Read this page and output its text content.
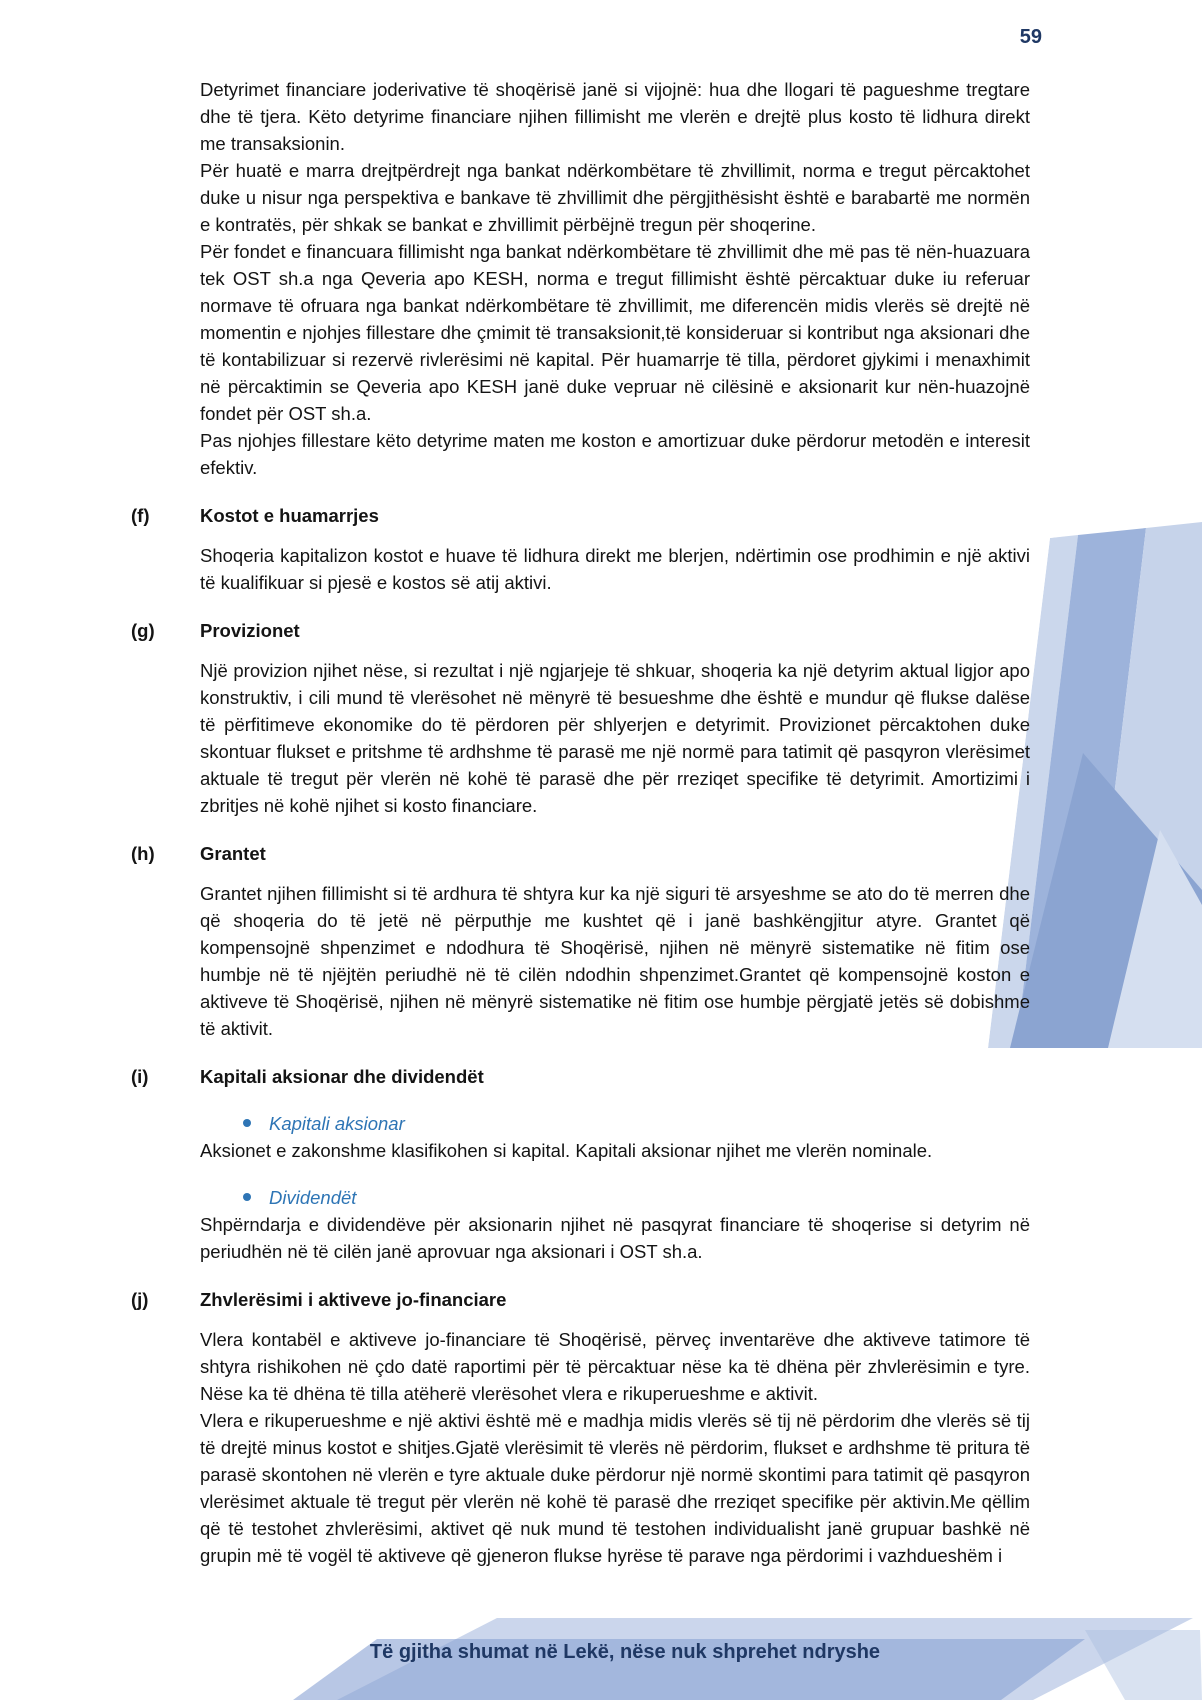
59

Detyrimet financiare joderivative të shoqërisë janë si vijojnë: hua dhe llogari të pagueshme tregtare dhe të tjera. Këto detyrime financiare njihen fillimisht me vlerën e drejtë plus kosto të lidhura direkt me transaksionin.

Për huatë e marra drejtpërdrejt nga bankat ndërkombëtare të zhvillimit, norma e tregut përcaktohet duke u nisur nga perspektiva e bankave të zhvillimit dhe përgjithësisht është e barabartë me normën e kontratës, për shkak se bankat e zhvillimit përbëjnë tregun për shoqerine.

Për fondet e financuara fillimisht nga bankat ndërkombëtare të zhvillimit dhe më pas të nën-huazuara tek OST sh.a nga Qeveria apo KESH, norma e tregut fillimisht është përcaktuar duke iu referuar normave të ofruara nga bankat ndërkombëtare të zhvillimit, me diferencën midis vlerës së drejtë në momentin e njohjes fillestare dhe çmimit të transaksionit,të konsideruar si kontribut nga aksionari dhe të kontabilizuar si rezervë rivlerësimi në kapital. Për huamarrje të tilla, përdoret gjykimi i menaxhimit në përcaktimin se Qeveria apo KESH janë duke vepruar në cilësinë e aksionarit kur nën-huazojnë fondet për OST sh.a.

Pas njohjes fillestare këto detyrime maten me koston e amortizuar duke përdorur metodën e interesit efektiv.

(f)	Kostot e huamarrjes

Shoqeria kapitalizon kostot e huave të lidhura direkt me blerjen, ndërtimin ose prodhimin e një aktivi të kualifikuar si pjesë e kostos së atij aktivi.

(g)	Provizionet

Një provizion njihet nëse, si rezultat i një ngjarjeje të shkuar, shoqeria ka një detyrim aktual ligjor apo konstruktiv, i cili mund të vlerësohet në mënyrë të besueshme dhe është e mundur që flukse dalëse të përfitimeve ekonomike do të përdoren për shlyerjen e detyrimit. Provizionet përcaktohen duke skontuar flukset e pritshme të ardhshme të parasë me një normë para tatimit që pasqyron vlerësimet aktuale të tregut për vlerën në kohë të parasë dhe për rreziqet specifike të detyrimit. Amortizimi i zbritjes në kohë njihet si kosto financiare.

(h)	Grantet

Grantet njihen fillimisht si të ardhura të shtyra kur ka një siguri të arsyeshme se ato do të merren dhe që shoqeria do të jetë në përputhje me kushtet që i janë bashkëngjitur atyre. Grantet që kompensojnë shpenzimet e ndodhura të Shoqërisë, njihen në mënyrë sistematike në fitim ose humbje në të njëjtën periudhë në të cilën ndodhin shpenzimet.Grantet që kompensojnë koston e aktiveve të Shoqërisë, njihen në mënyrë sistematike në fitim ose humbje përgjatë jetës së dobishme të aktivit.

(i)	Kapitali aksionar dhe dividendët
Kapitali aksionar

Aksionet e zakonshme klasifikohen si kapital. Kapitali aksionar njihet me vlerën nominale.

Dividendët

Shpërndarja e dividendëve për aksionarin njihet në pasqyrat financiare të shoqerise si detyrim në periudhën në të cilën janë aprovuar nga aksionari i OST sh.a.

(j)	Zhvlerësimi i aktiveve jo-financiare

Vlera kontabël e aktiveve jo-financiare të Shoqërisë, përveç inventarëve dhe aktiveve tatimore të shtyra rishikohen në çdo datë raportimi për të përcaktuar nëse ka të dhëna për zhvlerësimin e tyre. Nëse ka të dhëna të tilla atëherë vlerësohet vlera e rikuperueshme e aktivit.

Vlera e rikuperueshme e një aktivi është më e madhja midis vlerës së tij në përdorim dhe vlerës së tij të drejtë minus kostot e shitjes.Gjatë vlerësimit të vlerës në përdorim, flukset e ardhshme të pritura të parasë skontohen në vlerën e tyre aktuale duke përdorur një normë skontimi para tatimit që pasqyron vlerësimet aktuale të tregut për vlerën në kohë të parasë dhe rreziqet specifike për aktivin.Me qëllim që të testohet zhvlerësimi, aktivet që nuk mund të testohen individualisht janë grupuar bashkë në grupin më të vogël të aktiveve që gjeneron flukse hyrëse të parave nga përdorimi i vazhdueshëm i

Të gjitha shumat në Lekë, nëse nuk shprehet ndryshe
